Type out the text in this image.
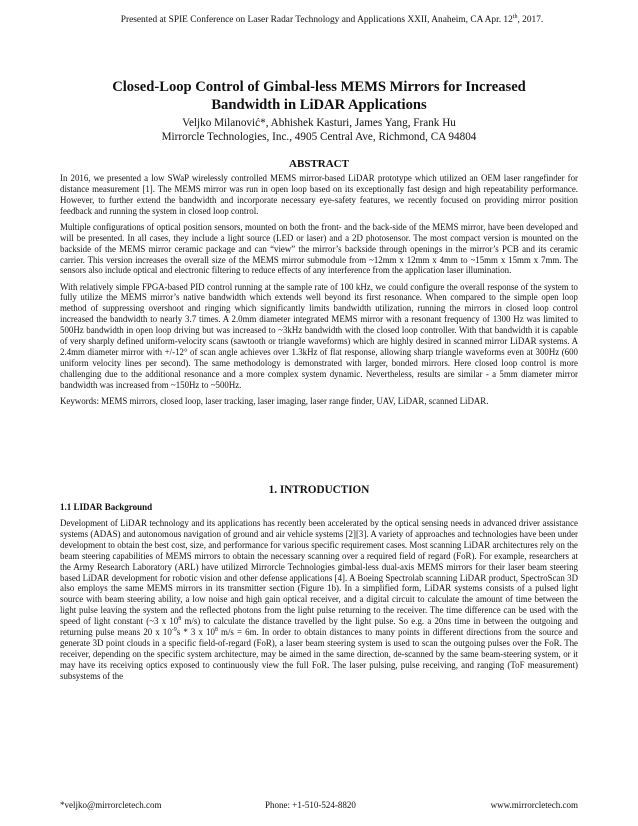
Presented at SPIE Conference on Laser Radar Technology and Applications XXII, Anaheim, CA Apr. 12th, 2017.
Closed-Loop Control of Gimbal-less MEMS Mirrors for Increased
Bandwidth in LiDAR Applications
Veljko Milanović*, Abhishek Kasturi, James Yang, Frank Hu
Mirrorcle Technologies, Inc., 4905 Central Ave, Richmond, CA 94804
ABSTRACT

In 2016, we presented a low SWaP wirelessly controlled MEMS mirror-based LiDAR prototype which utilized an OEM laser rangefinder for distance measurement [1]. The MEMS mirror was run in open loop based on its exceptionally fast design and high repeatability performance. However, to further extend the bandwidth and incorporate necessary eye-safety features, we recently focused on providing mirror position feedback and running the system in closed loop control.

Multiple configurations of optical position sensors, mounted on both the front- and the back-side of the MEMS mirror, have been developed and will be presented. In all cases, they include a light source (LED or laser) and a 2D photosensor. The most compact version is mounted on the backside of the MEMS mirror ceramic package and can “view” the mirror’s backside through openings in the mirror’s PCB and its ceramic carrier. This version increases the overall size of the MEMS mirror submodule from ~12mm x 12mm x 4mm to ~15mm x 15mm x 7mm. The sensors also include optical and electronic filtering to reduce effects of any interference from the application laser illumination.

With relatively simple FPGA-based PID control running at the sample rate of 100 kHz, we could configure the overall response of the system to fully utilize the MEMS mirror’s native bandwidth which extends well beyond its first resonance. When compared to the simple open loop method of suppressing overshoot and ringing which significantly limits bandwidth utilization, running the mirrors in closed loop control increased the bandwidth to nearly 3.7 times. A 2.0mm diameter integrated MEMS mirror with a resonant frequency of 1300 Hz was limited to 500Hz bandwidth in open loop driving but was increased to ~3kHz bandwidth with the closed loop controller. With that bandwidth it is capable of very sharply defined uniform-velocity scans (sawtooth or triangle waveforms) which are highly desired in scanned mirror LiDAR systems. A 2.4mm diameter mirror with +/-12° of scan angle achieves over 1.3kHz of flat response, allowing sharp triangle waveforms even at 300Hz (600 uniform velocity lines per second). The same methodology is demonstrated with larger, bonded mirrors. Here closed loop control is more challenging due to the additional resonance and a more complex system dynamic. Nevertheless, results are similar - a 5mm diameter mirror bandwidth was increased from ~150Hz to ~500Hz.

Keywords: MEMS mirrors, closed loop, laser tracking, laser imaging, laser range finder, UAV, LiDAR, scanned LiDAR.

1. INTRODUCTION
1.1 LIDAR Background

Development of LiDAR technology and its applications has recently been accelerated by the optical sensing needs in advanced driver assistance systems (ADAS) and autonomous navigation of ground and air vehicle systems [2][3]. A variety of approaches and technologies have been under development to obtain the best cost, size, and performance for various specific requirement cases. Most scanning LiDAR architectures rely on the beam steering capabilities of MEMS mirrors to obtain the necessary scanning over a required field of regard (FoR). For example, researchers at the Army Research Laboratory (ARL) have utilized Mirrorcle Technologies gimbal-less dual-axis MEMS mirrors for their laser beam steering based LiDAR development for robotic vision and other defense applications [4]. A Boeing Spectrolab scanning LiDAR product, SpectroScan 3D also employs the same MEMS mirrors in its transmitter section (Figure 1b). In a simplified form, LiDAR systems consists of a pulsed light source with beam steering ability, a low noise and high gain optical receiver, and a digital circuit to calculate the amount of time between the light pulse leaving the system and the reflected photons from the light pulse returning to the receiver. The time difference can be used with the speed of light constant (~3 x $10^8$ m/s) to calculate the distance travelled by the light pulse. So e.g. a 20ns time in between the outgoing and returning pulse means 20 x $10^{-9}s * 3$ x $10^8$ m/s = 6m. In order to obtain distances to many points in different directions from the source and generate 3D point clouds in a specific field-of-regard (FoR), a laser beam steering system is used to scan the outgoing pulses over the FoR. The receiver, depending on the specific system architecture, may be aimed in the same direction, de-scanned by the same beam-steering system, or it may have its receiving optics exposed to continuously view the full FoR. The laser pulsing, pulse receiving, and ranging (ToF measurement) subsystems of the

*veljko@mirrorcletech.com	Phone: +1-510-524-8820	www.mirrorcletech.com
